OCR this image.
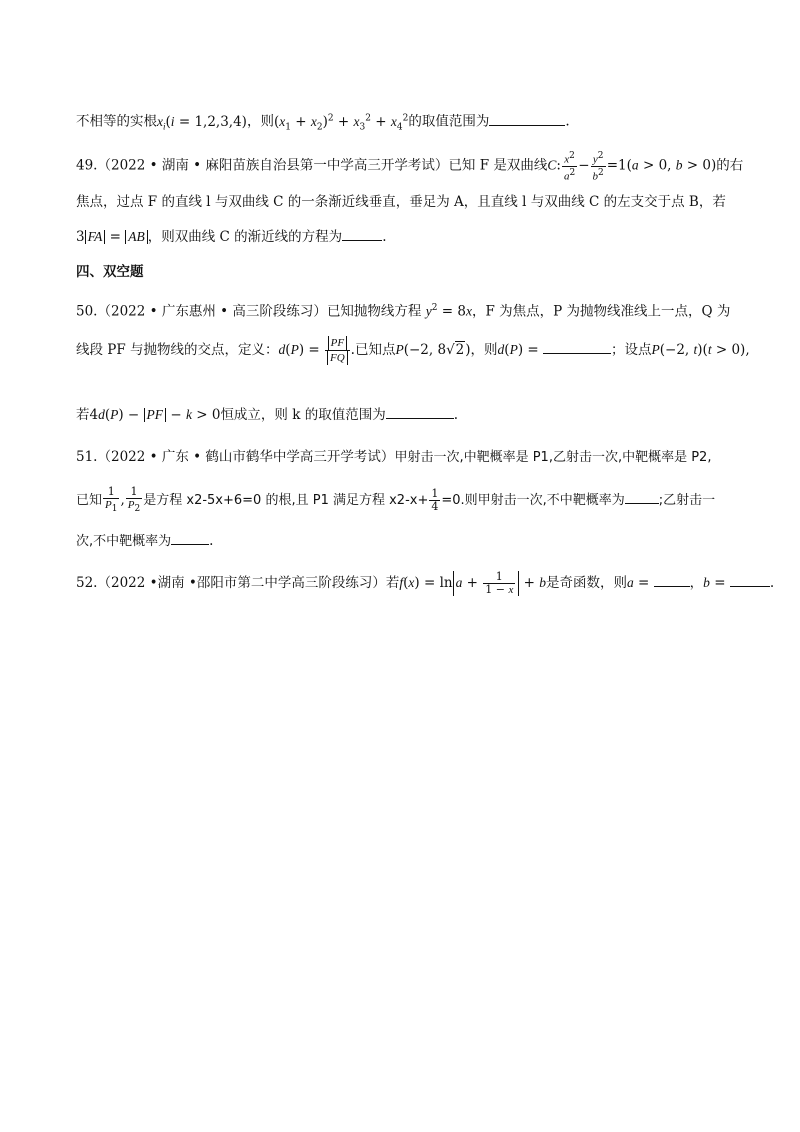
不相等的实根$x_i(i = 1,2,3,4)$，则$(x_1 + x_2)^2 + x_3^2 + x_4^2$的取值范围为	.
49.（2022 • 湖南 • 麻阳苗族自治县第一中学高三开学考试）已知 F 是双曲线C: $\frac{x^2}{a^2} - \frac{y^2}{b^2} =1(a > 0$, b > 0)的右
焦点，过点 F 的直线 l 与双曲线 C 的一条渐近线垂直，垂足为 A，且直线 l 与双曲线 C 的左支交于点 B，若
3 FA = AB ，则双曲线 C 的渐近线的方程为	.
四、双空题
50.（2022 • 广东惠州 • 高三阶段练习）已知抛物线方程 $y^2 = 8x$，F 为焦点，P 为抛物线准线上一点，Q 为
线段 PF 与抛物线的交点，定义：$d(P) = \frac{PF}{FQ}$ .已知点P(−2, 8√2)，则d(P) =	；设点P(−2, t)(t > 0),
若4d(P) − PF − k > 0恒成立，则 k 的取值范围为	.
51.（2022 • 广东 • 鹤山市鹤华中学高三开学考试）甲射击一次,中靶概率是 P1,乙射击一次,中靶概率是 P2,
已知 $\frac{1}{P_1}$ , $\frac{1}{P_2}$ 是方程 x2-5x+6=0 的根,且 P1 满足方程 $x2-x+ \frac{1}{4} =0$.则甲射击一次,不中靶概率为	;乙射击一
次,不中靶概率为	.
52.（2022 •湖南 •邵阳市第二中学高三阶段练习）若$f(x) = \ln a + \frac{1}{1 - x} + b$是奇函数，则a =	，b =	.
